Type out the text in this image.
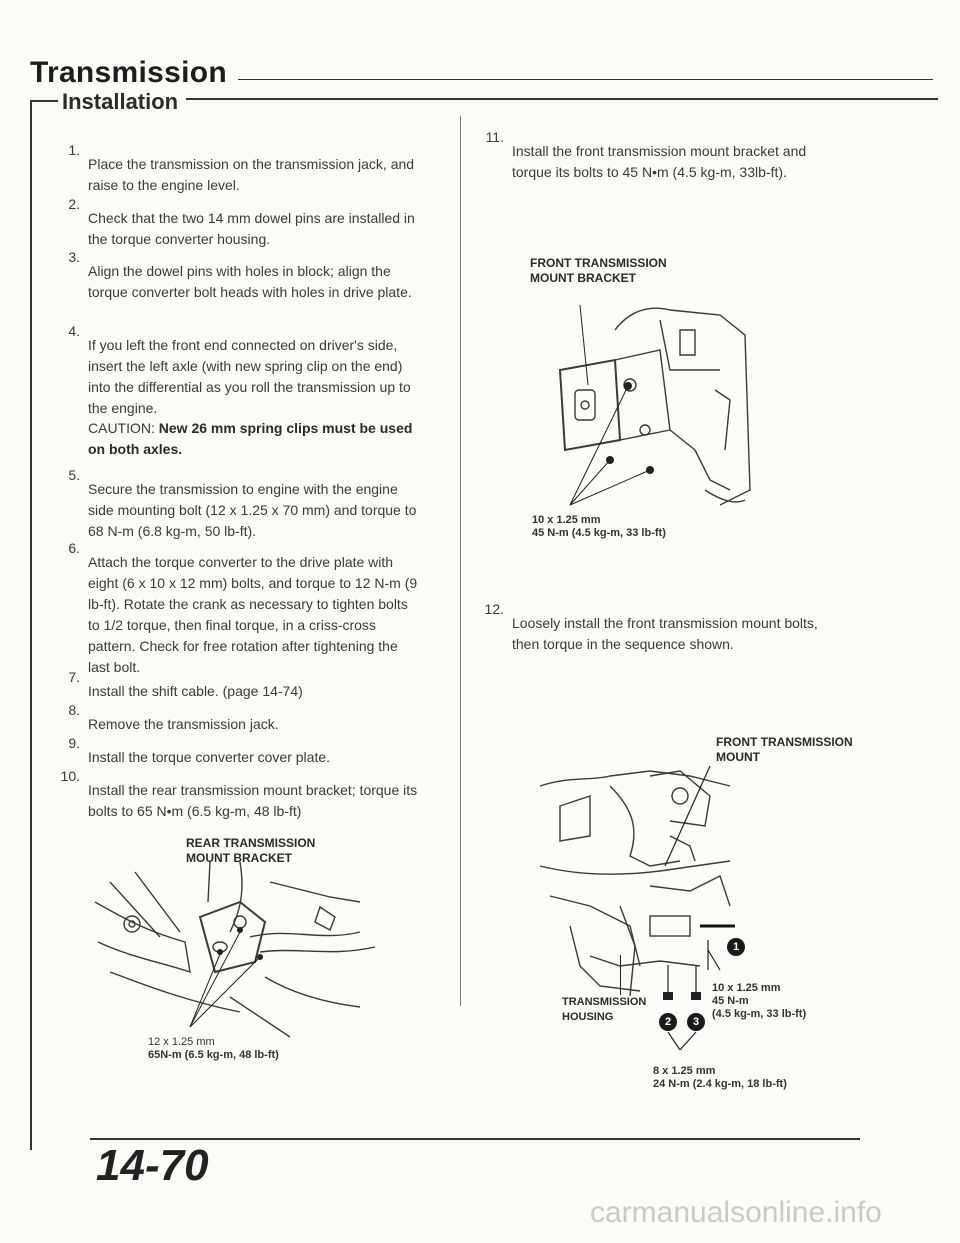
Transmission
Installation
1.

Place the transmission on the transmission jack, and raise to the engine level.

2.

Check that the two 14 mm dowel pins are installed in the torque converter housing.

3.

Align the dowel pins with holes in block; align the torque converter bolt heads with holes in drive plate.

4.

If you left the front end connected on driver's side, insert the left axle (with new spring clip on the end) into the differential as you roll the transmission up to the engine.

CAUTION: New 26 mm spring clips must be used on both axles.
5.

Secure the transmission to engine with the engine side mounting bolt (12 x 1.25 x 70 mm) and torque to 68 N-m (6.8 kg-m, 50 lb-ft).

6.

Attach the torque converter to the drive plate with eight (6 x 10 x 12 mm) bolts, and torque to 12 N-m (9 lb-ft). Rotate the crank as necessary to tighten bolts to 1/2 torque, then final torque, in a criss-cross pattern. Check for free rotation after tightening the last bolt.

7.

Install the shift cable. (page 14-74)

8.

Remove the transmission jack.

9.

Install the torque converter cover plate.

10.

Install the rear transmission mount bracket; torque its bolts to 65 N•m (6.5 kg-m, 48 lb-ft)

REAR TRANSMISSION
MOUNT BRACKET
12 x 1.25 mm
65N-m (6.5 kg-m, 48 lb-ft)
11.

Install the front transmission mount bracket and torque its bolts to 45 N•m (4.5 kg-m, 33lb-ft).

FRONT TRANSMISSION
MOUNT BRACKET
10 x 1.25 mm
45 N-m (4.5 kg-m, 33 lb-ft)
12.

Loosely install the front transmission mount bolts, then torque in the sequence shown.

FRONT TRANSMISSION
MOUNT
1
2	3
TRANSMISSION
HOUSING
10 x 1.25 mm
45 N-m
(4.5 kg-m, 33 lb-ft)
8 x 1.25 mm
24 N-m (2.4 kg-m, 18 lb-ft)
14-70
carmanualsonline.info
